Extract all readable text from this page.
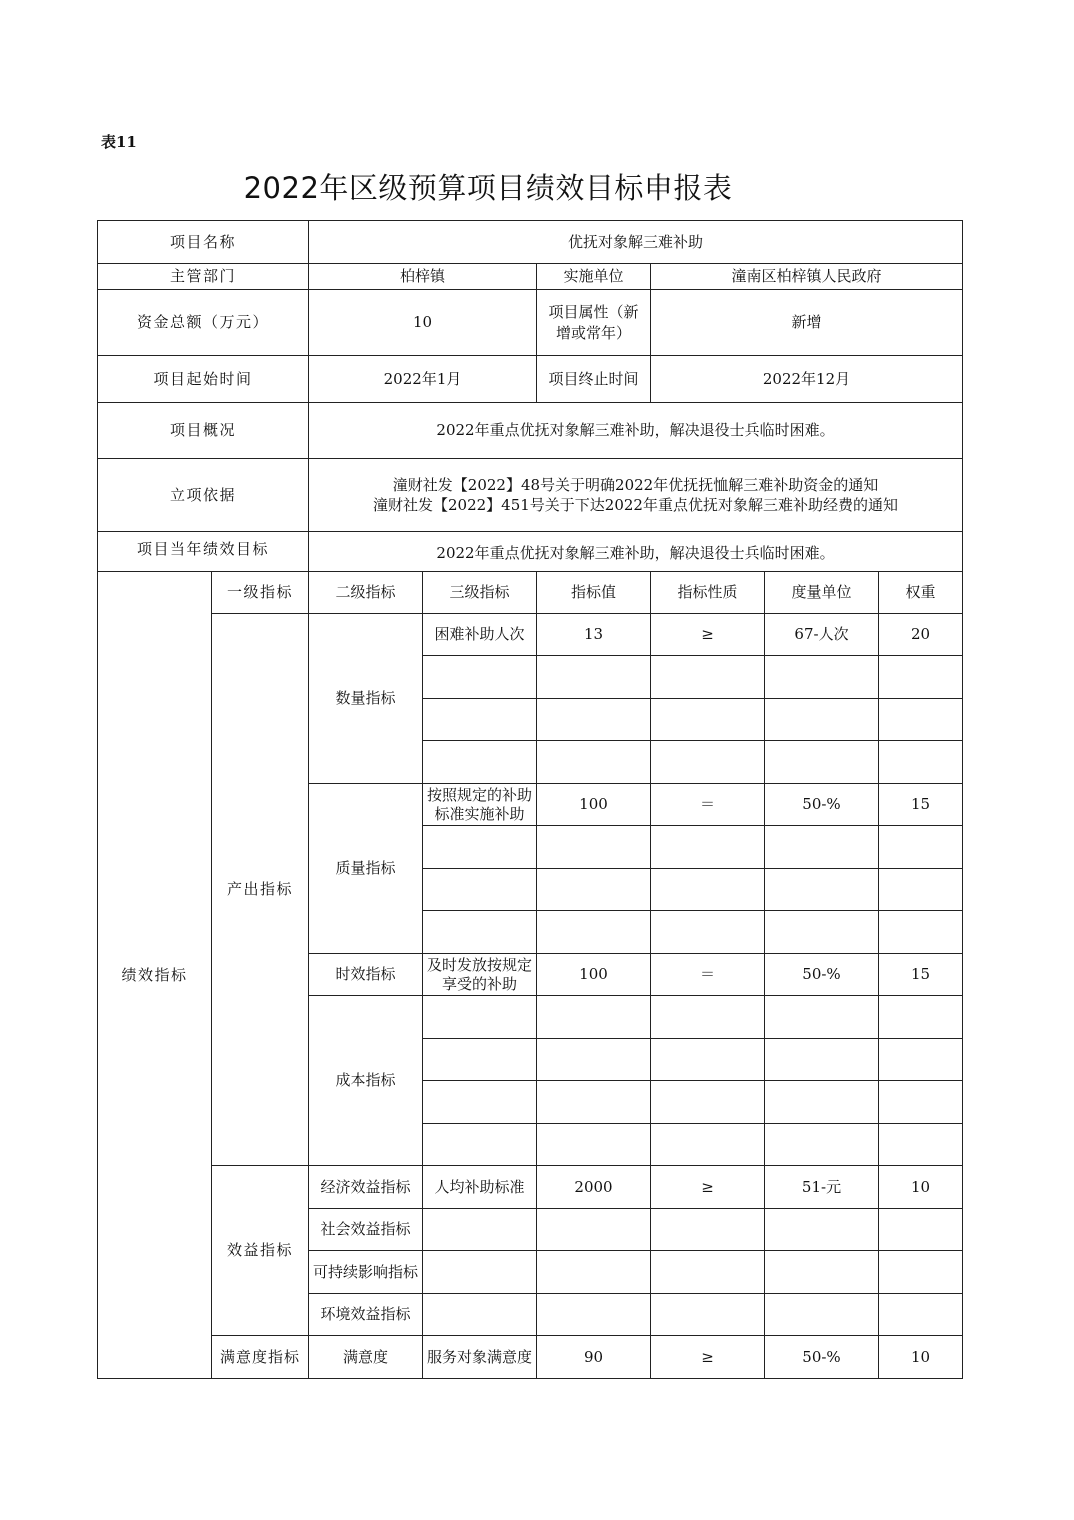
表11
2022年区级预算项目绩效目标申报表
项目名称		优抚对象解三难补助					
主管部门		柏梓镇		实施单位	潼南区柏梓镇人民政府		
资金总额（万元）		10		项目属性（新
增或常年）	新增		
项目起始时间		2022年1月		项目终止时间	2022年12月		
项目概况		2022年重点优抚对象解三难补助，解决退役士兵临时困难。					
立项依据		潼财社发【2022】48号关于明确2022年优抚抚恤解三难补助资金的通知
潼财社发【2022】451号关于下达2022年重点优抚对象解三难补助经费的通知					

项目当年绩效目标		2022年重点优抚对象解三难补助，解决退役士兵临时困难。					
绩效指标	一级指标	二级指标	三级指标	指标值	指标性质	度量单位	权重
	产出指标	数量指标	困难补助人次	13	≥	67-人次	20

		质量指标	按照规定的补助
标准实施补助	100	＝	50-%	15

		时效指标	及时发放按规定
享受的补助	100	＝	50-%	15
		成本指标					

	效益指标	经济效益指标	人均补助标准	2000	≥	51-元	10
		社会效益指标					
		可持续影响指标					
		环境效益指标					
	满意度指标	满意度	服务对象满意度	90	≥	50-%	10
